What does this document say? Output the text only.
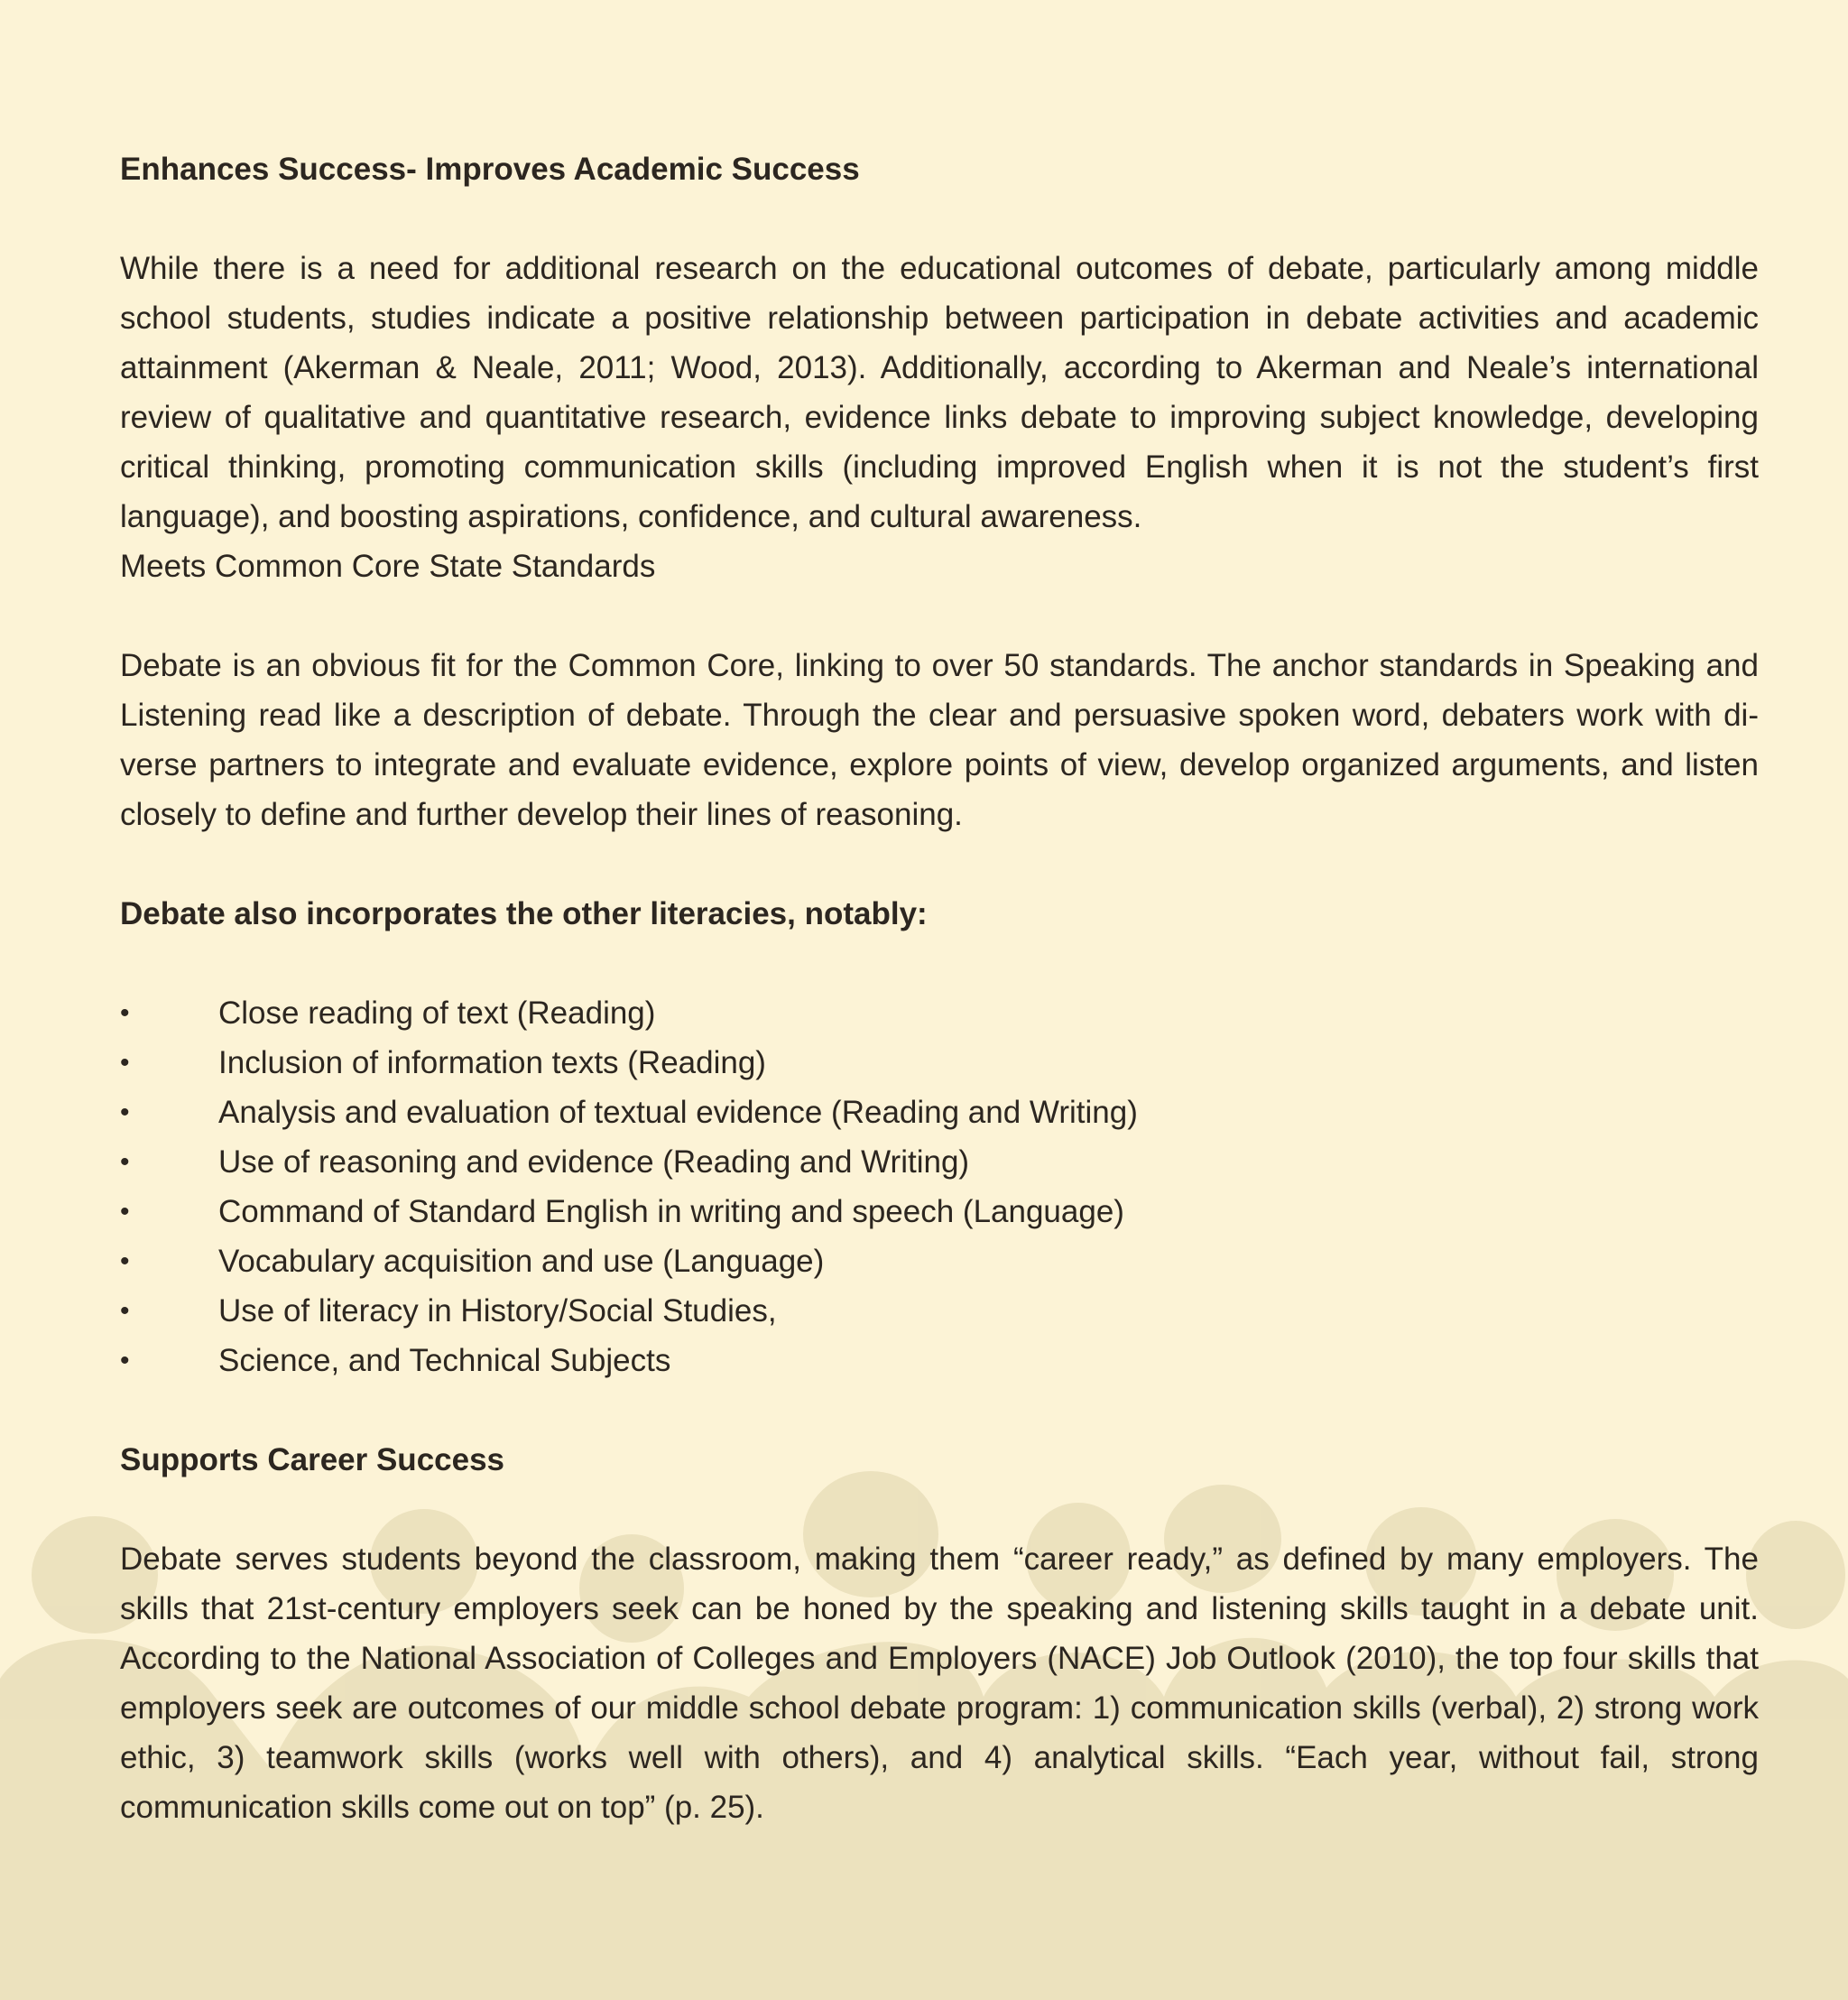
Enhances Success- Improves Academic Success

While there is a need for additional research on the educational outcomes of debate, particularly among middle school students, studies indicate a positive relationship between participation in debate activities and academic attainment (Akerman & Neale, 2011; Wood, 2013). Additionally, according to Akerman and Neale’s international review of qualitative and quantitative research, evidence links debate to improving subject knowledge, developing critical thinking, promoting communication skills (including improved English when it is not the student’s first language), and boosting aspirations, confidence, and cultural awareness.

Meets Common Core State Standards

Debate is an obvious fit for the Common Core, linking to over 50 standards. The anchor standards in Speaking and Listening read like a description of debate. Through the clear and persuasive spoken word, debaters work with di- verse partners to integrate and evaluate evidence, explore points of view, develop organized arguments, and listen closely to define and further develop their lines of reasoning.

Debate also incorporates the other literacies, notably:

•	Close reading of text (Reading)
•	Inclusion of information texts (Reading)
•	Analysis and evaluation of textual evidence (Reading and Writing)
•	Use of reasoning and evidence (Reading and Writing)
•	Command of Standard English in writing and speech (Language)
•	Vocabulary acquisition and use (Language)
•	Use of literacy in History/Social Studies,
•	Science, and Technical Subjects

Supports Career Success

Debate serves students beyond the classroom, making them “career ready,” as defined by many employers. The skills that 21st-century employers seek can be honed by the speaking and listening skills taught in a debate unit. According to the National Association of Colleges and Employers (NACE) Job Outlook (2010), the top four skills that employers seek are outcomes of our middle school debate program: 1) communication skills (verbal), 2) strong work ethic, 3) teamwork skills (works well with others), and 4) analytical skills. “Each year, without fail, strong communication skills come out on top” (p. 25).
